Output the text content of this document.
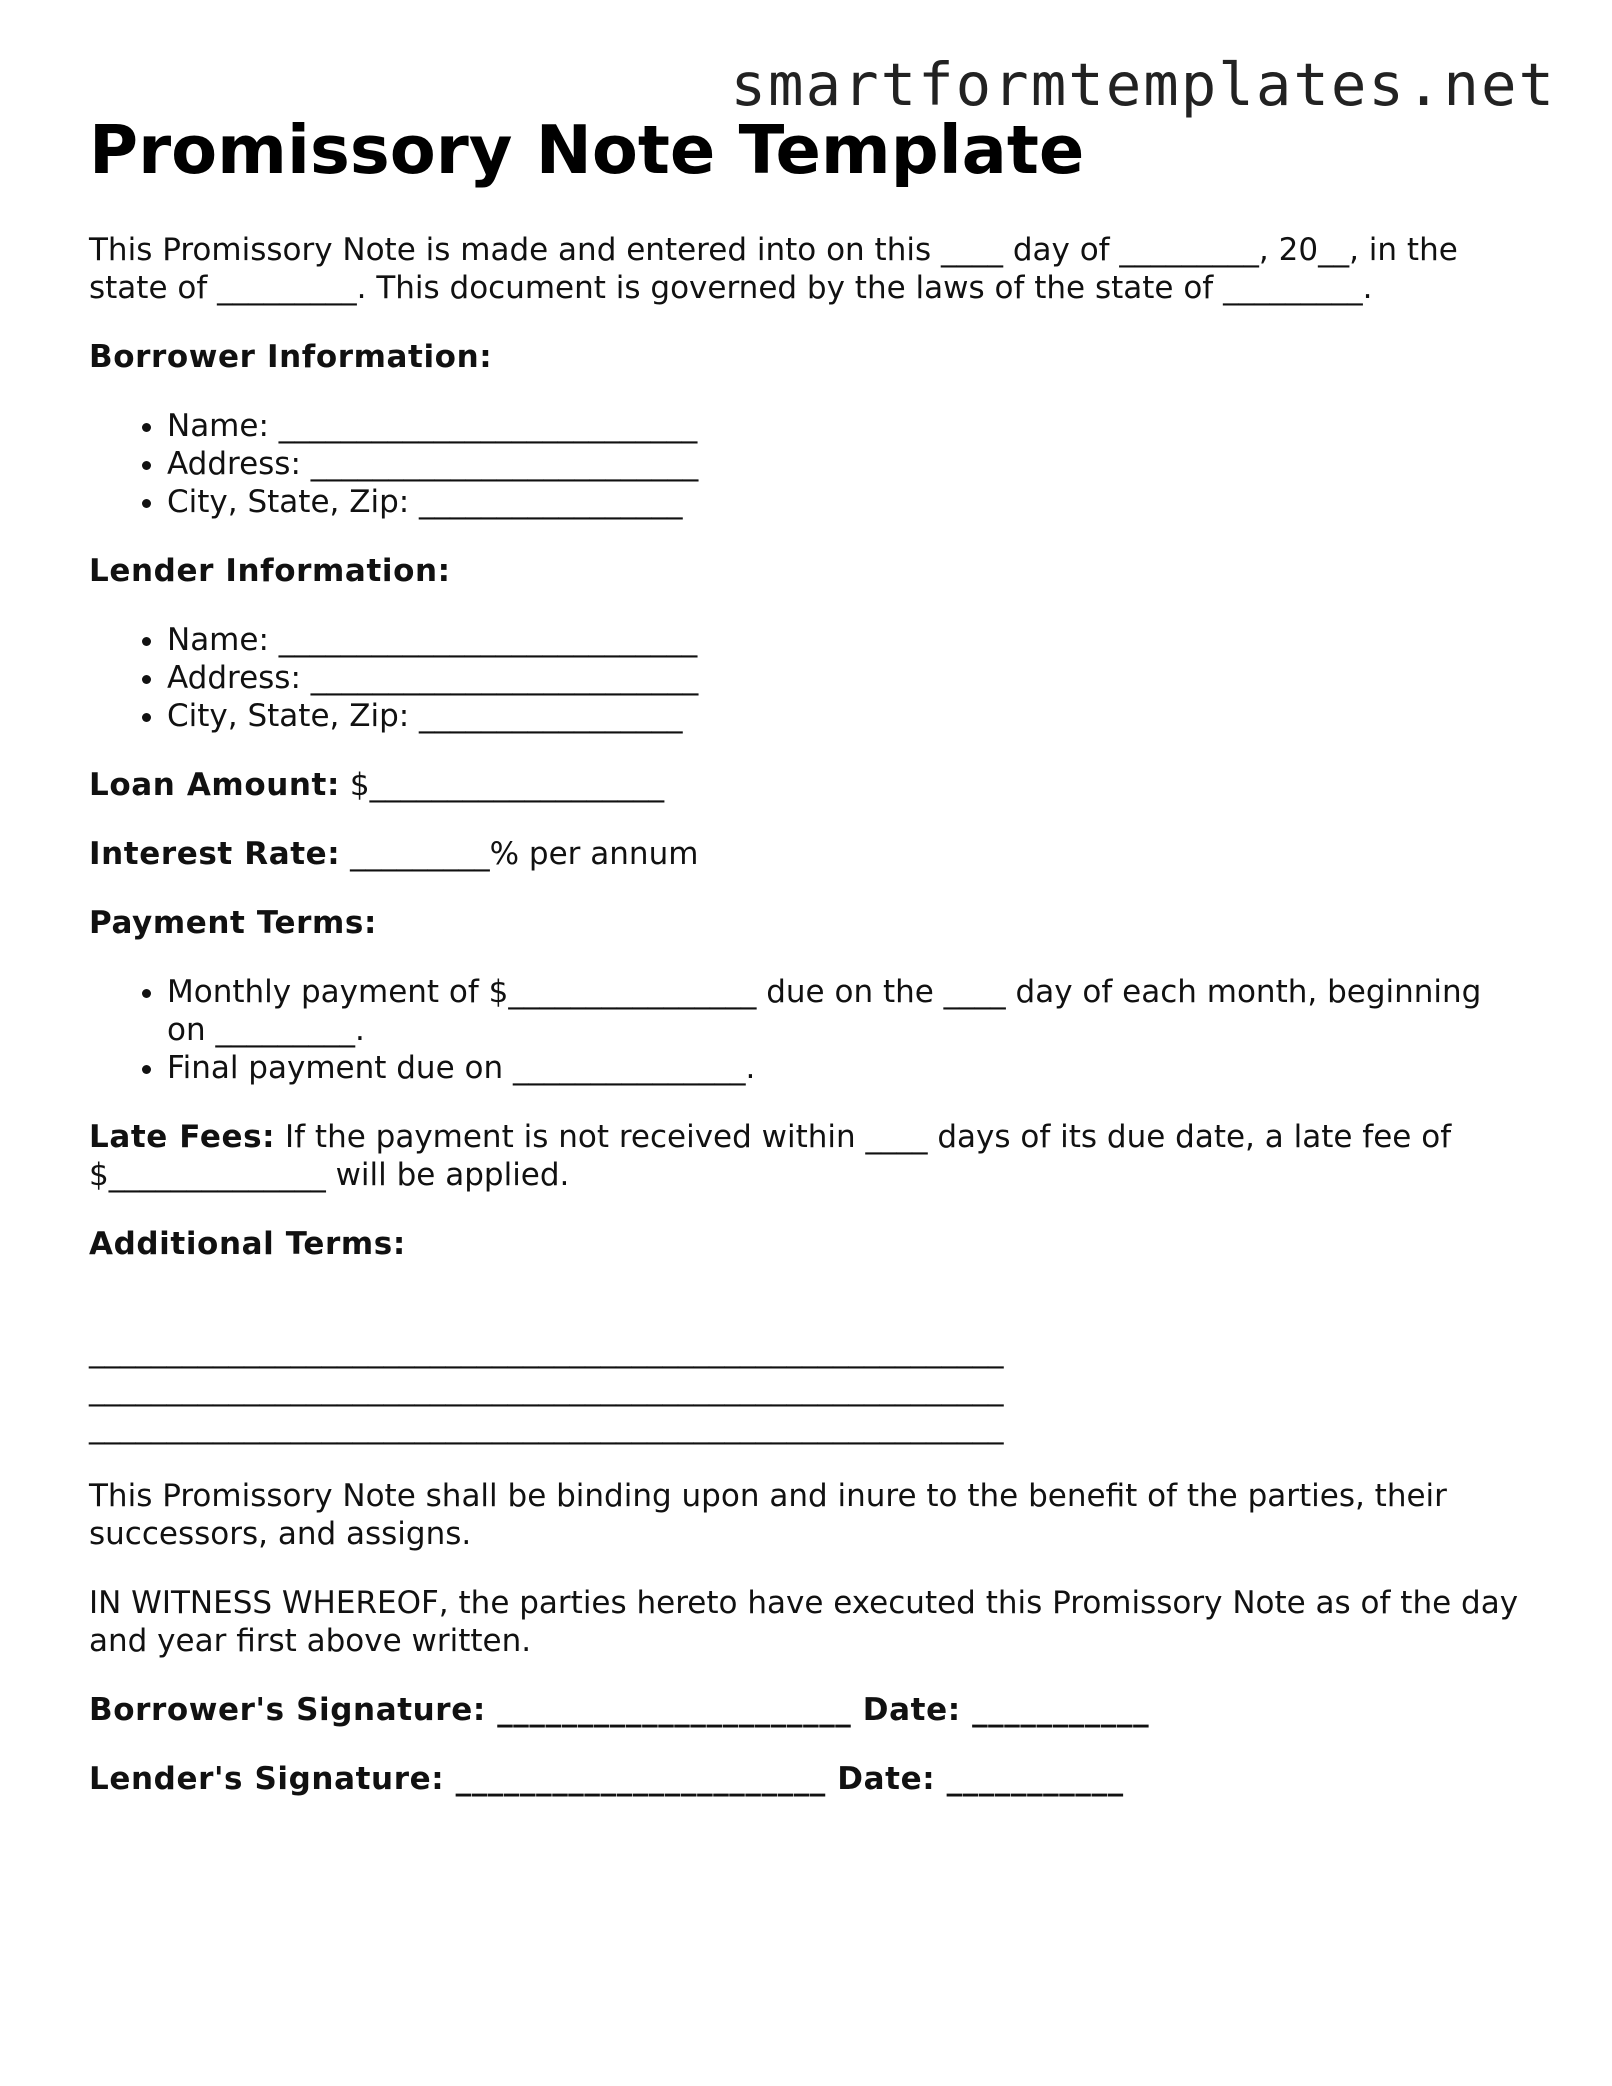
smartformtemplates.net
Promissory Note Template

This Promissory Note is made and entered into on this ____ day of _________, 20__, in the state of _________. This document is governed by the laws of the state of _________.

Borrower Information:

• Name: ___________________________
• Address: _________________________
• City, State, Zip: _________________

Lender Information:

• Name: ___________________________
• Address: _________________________
• City, State, Zip: _________________

Loan Amount: $___________________

Interest Rate: _________% per annum

Payment Terms:

• Monthly payment of $________________ due on the ____ day of each month, beginning on _________.
• Final payment due on _______________.

Late Fees: If the payment is not received within ____ days of its due date, a late fee of $______________ will be applied.

Additional Terms:

___________________________________________________________

___________________________________________________________

___________________________________________________________

This Promissory Note shall be binding upon and inure to the benefit of the parties, their successors, and assigns.

IN WITNESS WHEREOF, the parties hereto have executed this Promissory Note as of the day and year first above written.

Borrower's Signature: ______________________ Date: ___________

Lender's Signature: _______________________ Date: ___________
